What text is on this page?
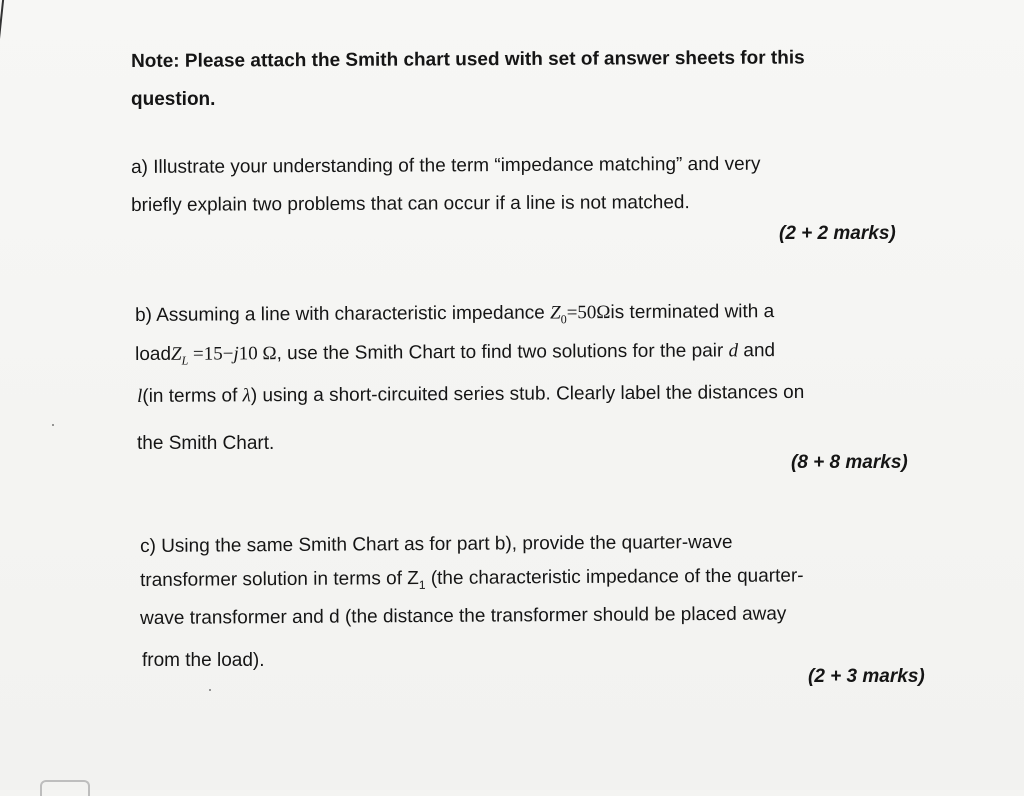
Note: Please attach the Smith chart used with set of answer sheets for this
question.
a) Illustrate your understanding of the term “impedance matching” and very
briefly explain two problems that can occur if a line is not matched.
(2 + 2 marks)
b) Assuming a line with characteristic impedance $Z_0=50\Omega is$ terminated with a
loadZ$_L$ =15−j10 Ω, use the Smith Chart to find two solutions for the pair d and
l(in terms of λ) using a short-circuited series stub. Clearly label the distances on
the Smith Chart.
(8 + 8 marks)
c) Using the same Smith Chart as for part b), provide the quarter-wave
transformer solution in terms of $Z_1$ (the characteristic impedance of the quarter-
wave transformer and d (the distance the transformer should be placed away
from the load).
(2 + 3 marks)
